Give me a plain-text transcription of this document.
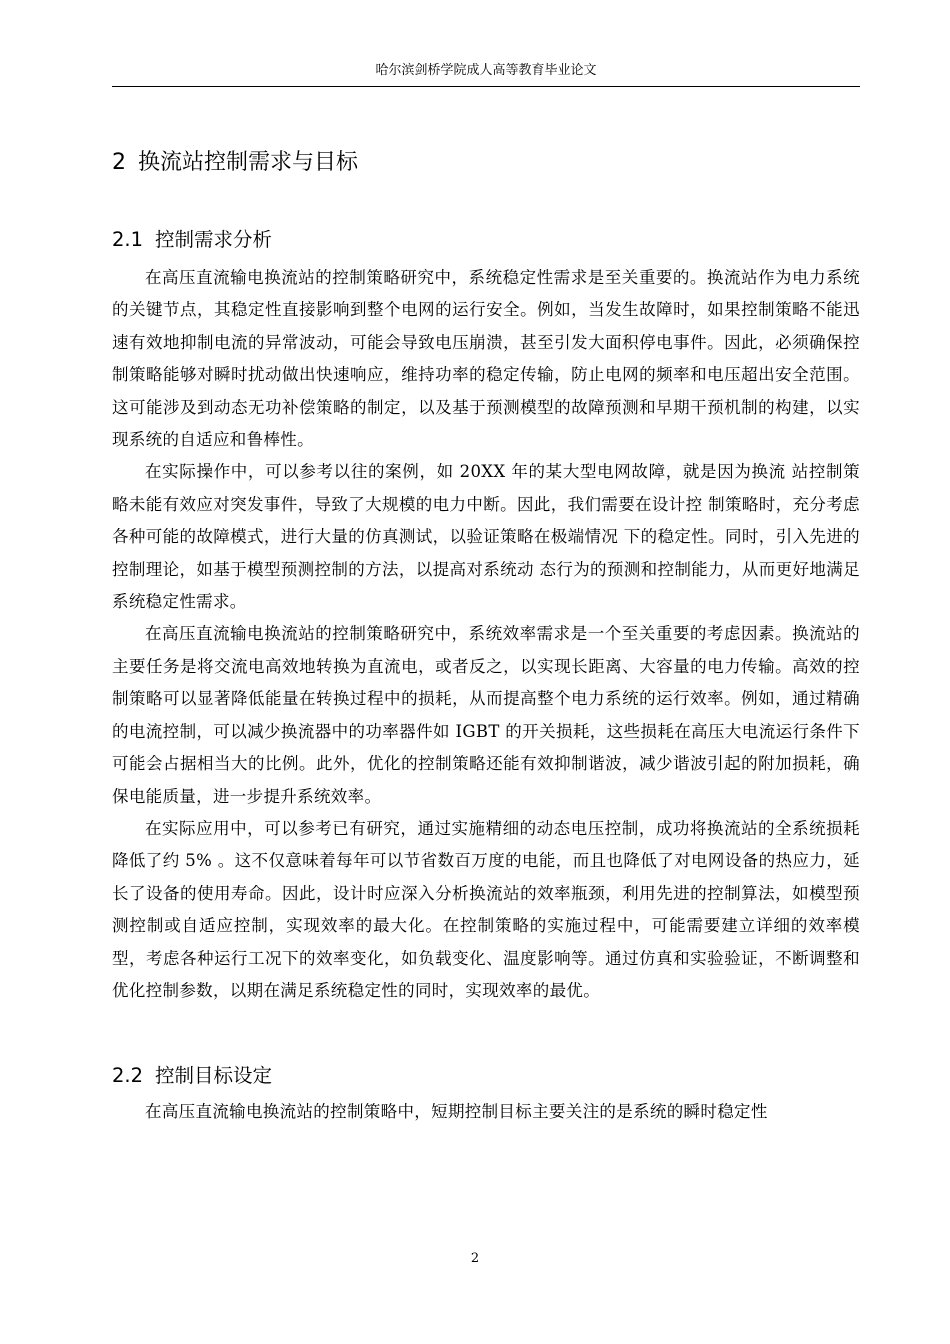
哈尔滨剑桥学院成人高等教育毕业论文
2 换流站控制需求与目标
2.1 控制需求分析

在高压直流输电换流站的控制策略研究中，系统稳定性需求是至关重要的。换流站作为电力系统的关键节点，其稳定性直接影响到整个电网的运行安全。例如，当发生故障时，如果控制策略不能迅速有效地抑制电流的异常波动，可能会导致电压崩溃，甚至引发大面积停电事件。因此，必须确保控制策略能够对瞬时扰动做出快速响应，维持功率的稳定传输，防止电网的频率和电压超出安全范围。这可能涉及到动态无功补偿策略的制定，以及基于预测模型的故障预测和早期干预机制的构建，以实现系统的自适应和鲁棒性。

在实际操作中，可以参考以往的案例，如 20XX 年的某大型电网故障，就是因为换流 站控制策略未能有效应对突发事件，导致了大规模的电力中断。因此，我们需要在设计控 制策略时，充分考虑各种可能的故障模式，进行大量的仿真测试，以验证策略在极端情况 下的稳定性。同时，引入先进的控制理论，如基于模型预测控制的方法，以提高对系统动 态行为的预测和控制能力，从而更好地满足系统稳定性需求。

在高压直流输电换流站的控制策略研究中，系统效率需求是一个至关重要的考虑因素。换流站的主要任务是将交流电高效地转换为直流电，或者反之，以实现长距离、大容量的电力传输。高效的控制策略可以显著降低能量在转换过程中的损耗，从而提高整个电力系统的运行效率。例如，通过精确的电流控制，可以减少换流器中的功率器件如 IGBT 的开关损耗，这些损耗在高压大电流运行条件下可能会占据相当大的比例。此外，优化的控制策略还能有效抑制谐波，减少谐波引起的附加损耗，确保电能质量，进一步提升系统效率。

在实际应用中，可以参考已有研究，通过实施精细的动态电压控制，成功将换流站的全系统损耗降低了约 5% 。这不仅意味着每年可以节省数百万度的电能，而且也降低了对电网设备的热应力，延长了设备的使用寿命。因此，设计时应深入分析换流站的效率瓶颈，利用先进的控制算法，如模型预测控制或自适应控制，实现效率的最大化。在控制策略的实施过程中，可能需要建立详细的效率模型，考虑各种运行工况下的效率变化，如负载变化、温度影响等。通过仿真和实验验证，不断调整和优化控制参数，以期在满足系统稳定性的同时，实现效率的最优。

2.2 控制目标设定

在高压直流输电换流站的控制策略中，短期控制目标主要关注的是系统的瞬时稳定性

2
